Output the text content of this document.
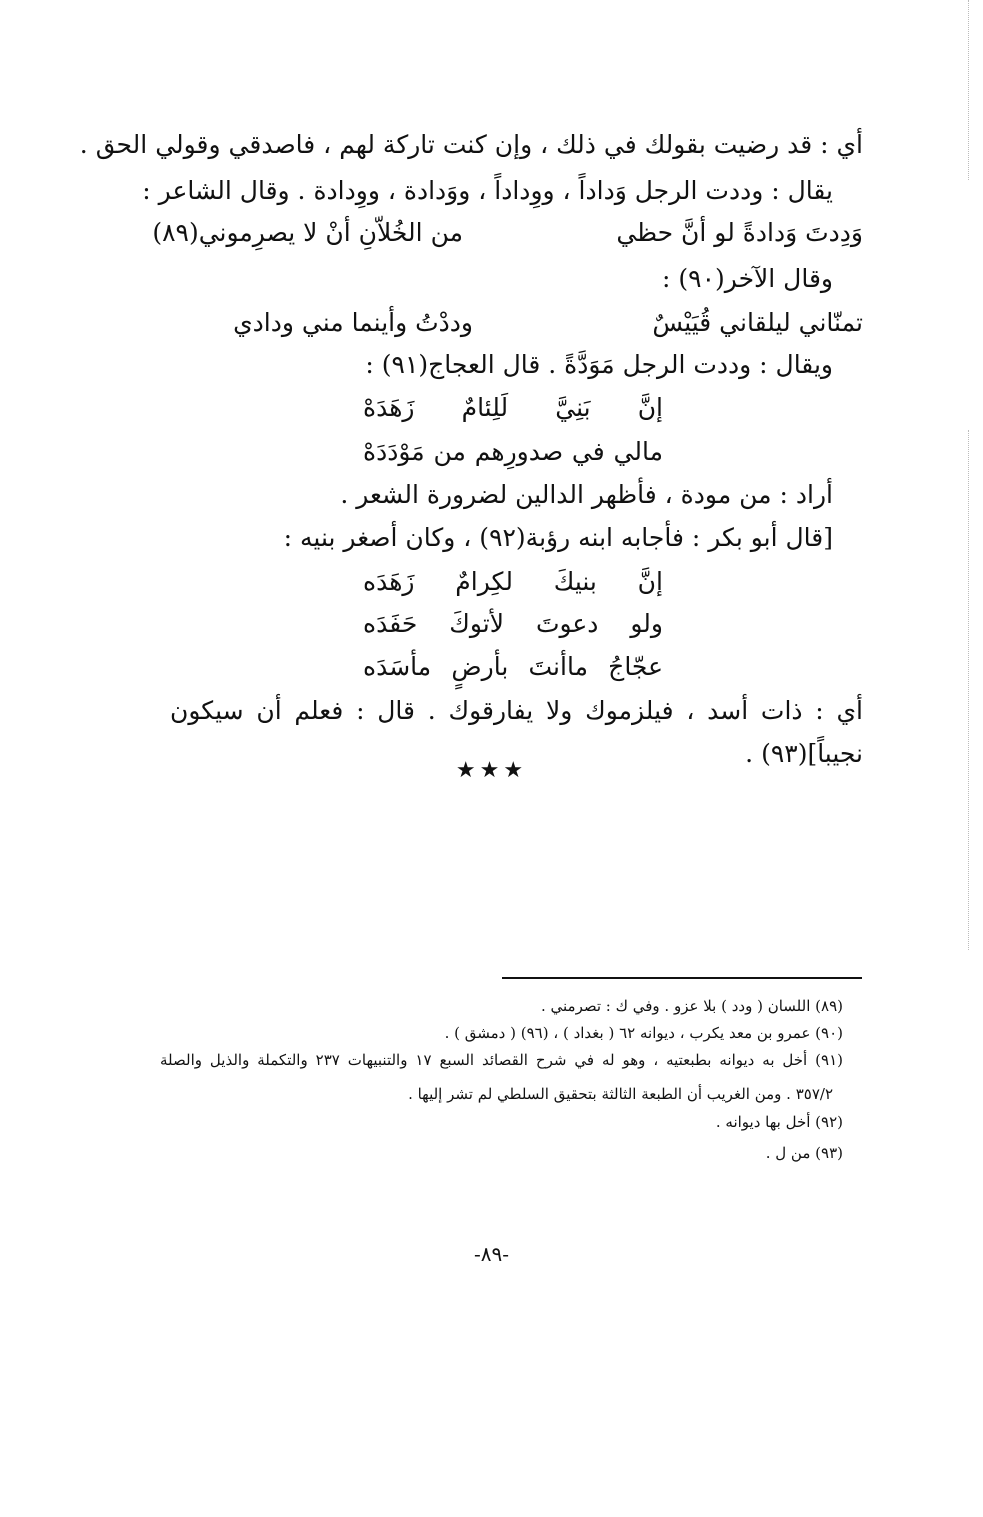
أي : قد رضيت بقولك في ذلك ، وإن كنت تاركة لهم ، فاصدقي وقولي الحق .
يقال : وددت الرجل وَداداً ، ووِداداً ، ووَدادة ، ووِدادة . وقال الشاعر :
وَدِدتَ وَدادةً لو أنَّ حظي
من الخُلاّنِ أنْ لا يصرِموني(٨٩)
وقال الآخر(٩٠) :
تمنّاني ليلقاني قُيَيْسٌ
وددْتُ وأينما مني ودادي
ويقال : وددت الرجل مَوَدَّةً . قال العجاج(٩١) :
إنَّ بَنِيَّ لَلِئامٌ زَهَدَهْ
مالي في صدورِهم من مَوْدَدَهْ
أراد : من مودة ، فأظهر الدالين لضرورة الشعر .
[قال أبو بكر : فأجابه ابنه رؤبة(٩٢) ، وكان أصغر بنيه :
إنَّ بنيكَ لكِرامٌ زَهَدَه
ولو دعوتَ لأتوكَ حَفَدَه
عجّاجُ ماأنتَ بأرضٍ مأسَدَه
أي : ذات أسد ، فيلزموك ولا يفارقوك . قال : فعلم أن سيكون
نجيباً](٩٣) .
★★★
(٨٩) اللسان ( ودد ) بلا عزو . وفي ك : تصرمني .
(٩٠) عمرو بن معد يكرب ، ديوانه ٦٢ ( بغداد ) ، (٩٦) ( دمشق ) .
(٩١) أخل به ديوانه بطبعتيه ، وهو له في شرح القصائد السبع ١٧ والتنبيهات ٢٣٧ والتكملة والذيل والصلة
٣٥٧/٢ . ومن الغريب أن الطبعة الثالثة بتحقيق السلطي لم تشر إليها .
(٩٢) أخل بها ديوانه .
(٩٣) من ل .
-٨٩-
